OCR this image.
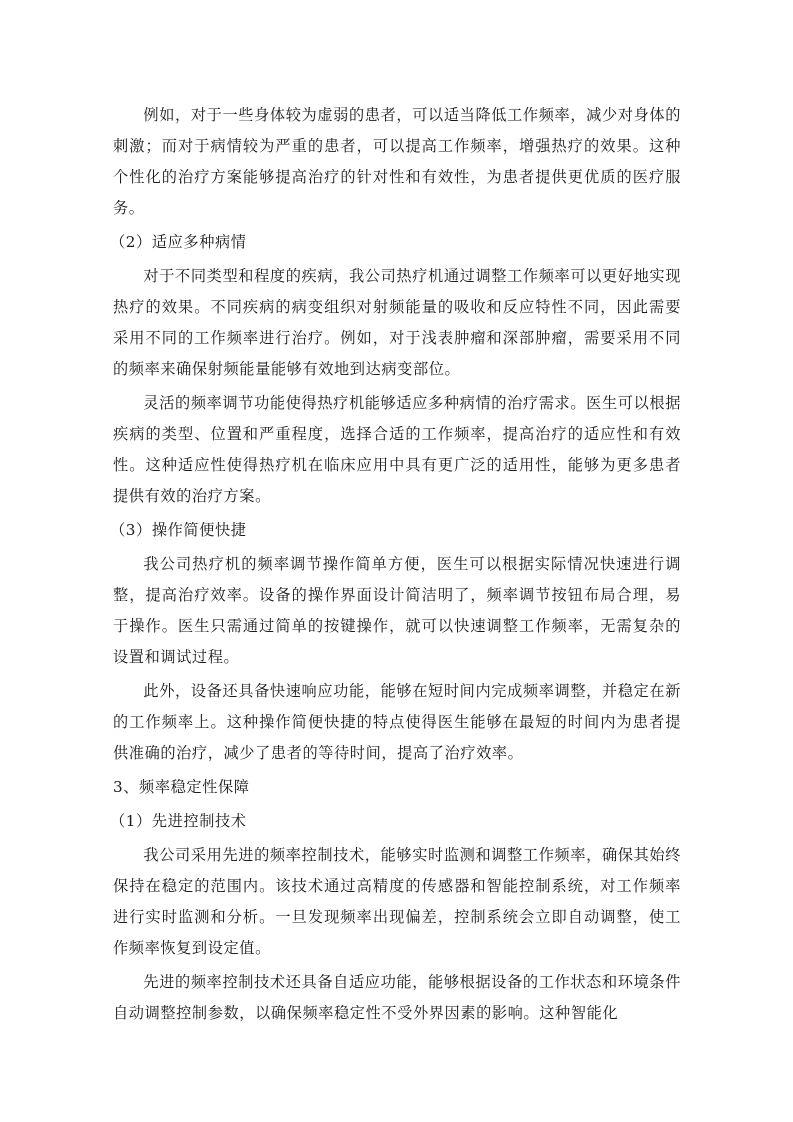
例如，对于一些身体较为虚弱的患者，可以适当降低工作频率，减少对身体的刺激；而对于病情较为严重的患者，可以提高工作频率，增强热疗的效果。这种个性化的治疗方案能够提高治疗的针对性和有效性，为患者提供更优质的医疗服务。

（2）适应多种病情

对于不同类型和程度的疾病，我公司热疗机通过调整工作频率可以更好地实现热疗的效果。不同疾病的病变组织对射频能量的吸收和反应特性不同，因此需要采用不同的工作频率进行治疗。例如，对于浅表肿瘤和深部肿瘤，需要采用不同的频率来确保射频能量能够有效地到达病变部位。

灵活的频率调节功能使得热疗机能够适应多种病情的治疗需求。医生可以根据疾病的类型、位置和严重程度，选择合适的工作频率，提高治疗的适应性和有效性。这种适应性使得热疗机在临床应用中具有更广泛的适用性，能够为更多患者提供有效的治疗方案。

（3）操作简便快捷

我公司热疗机的频率调节操作简单方便，医生可以根据实际情况快速进行调整，提高治疗效率。设备的操作界面设计简洁明了，频率调节按钮布局合理，易于操作。医生只需通过简单的按键操作，就可以快速调整工作频率，无需复杂的设置和调试过程。

此外，设备还具备快速响应功能，能够在短时间内完成频率调整，并稳定在新的工作频率上。这种操作简便快捷的特点使得医生能够在最短的时间内为患者提供准确的治疗，减少了患者的等待时间，提高了治疗效率。

3、频率稳定性保障

（1）先进控制技术

我公司采用先进的频率控制技术，能够实时监测和调整工作频率，确保其始终保持在稳定的范围内。该技术通过高精度的传感器和智能控制系统，对工作频率进行实时监测和分析。一旦发现频率出现偏差，控制系统会立即自动调整，使工作频率恢复到设定值。

先进的频率控制技术还具备自适应功能，能够根据设备的工作状态和环境条件自动调整控制参数，以确保频率稳定性不受外界因素的影响。这种智能化
